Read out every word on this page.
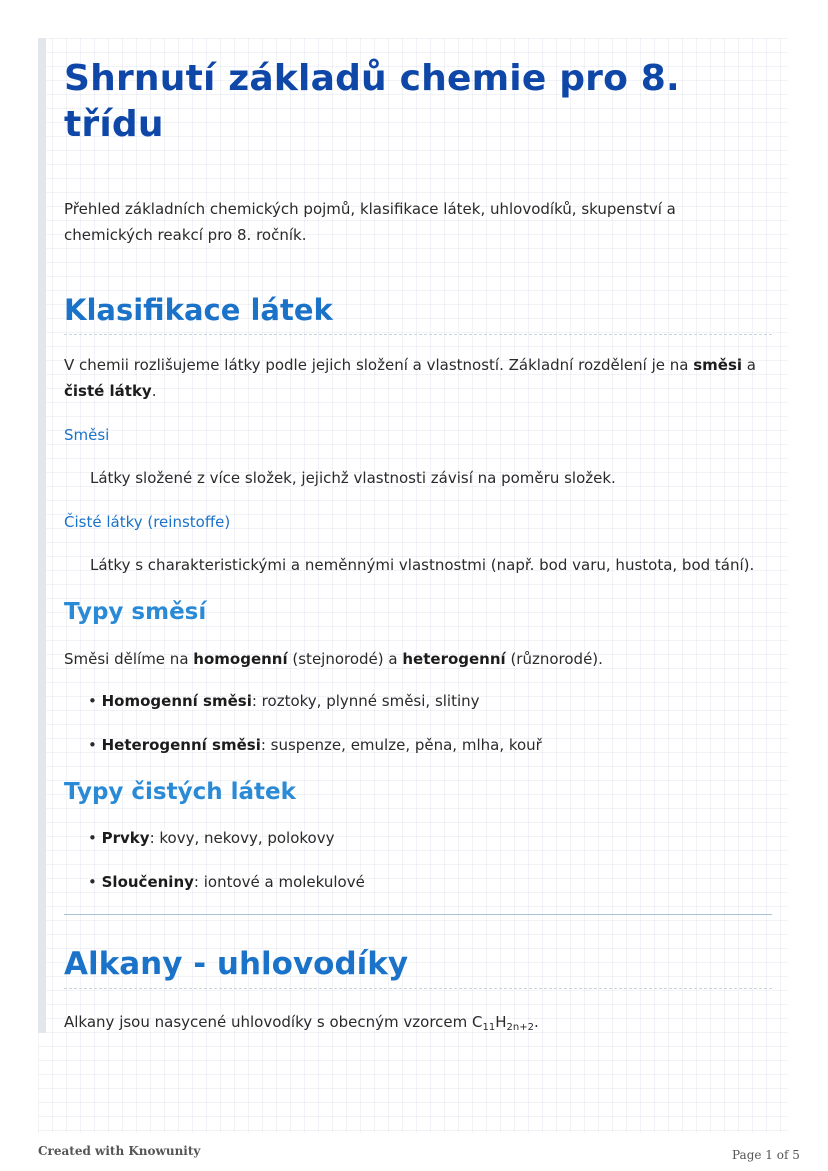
Shrnutí základů chemie pro 8. třídu

Přehled základních chemických pojmů, klasifikace látek, uhlovodíků, skupenství a chemických reakcí pro 8. ročník.

Klasifikace látek

V chemii rozlišujeme látky podle jejich složení a vlastností. Základní rozdělení je na směsi a
čisté látky.

Směsi

Látky složené z více složek, jejichž vlastnosti závisí na poměru složek.

Čisté látky (reinstoffe)

Látky s charakteristickými a neměnnými vlastnostmi (např. bod varu, hustota, bod tání).

Typy směsí

Směsi dělíme na homogenní (stejnorodé) a heterogenní (různorodé).

• Homogenní směsi: roztoky, plynné směsi, slitiny

• Heterogenní směsi: suspenze, emulze, pěna, mlha, kouř

Typy čistých látek

• Prvky: kovy, nekovy, polokovy

• Sloučeniny: iontové a molekulové

Alkany - uhlovodíky

Alkany jsou nasycené uhlovodíky s obecným vzorcem $C_{11}H_{2n+2}$.

Created with Knowunity	Page 1 of 5
